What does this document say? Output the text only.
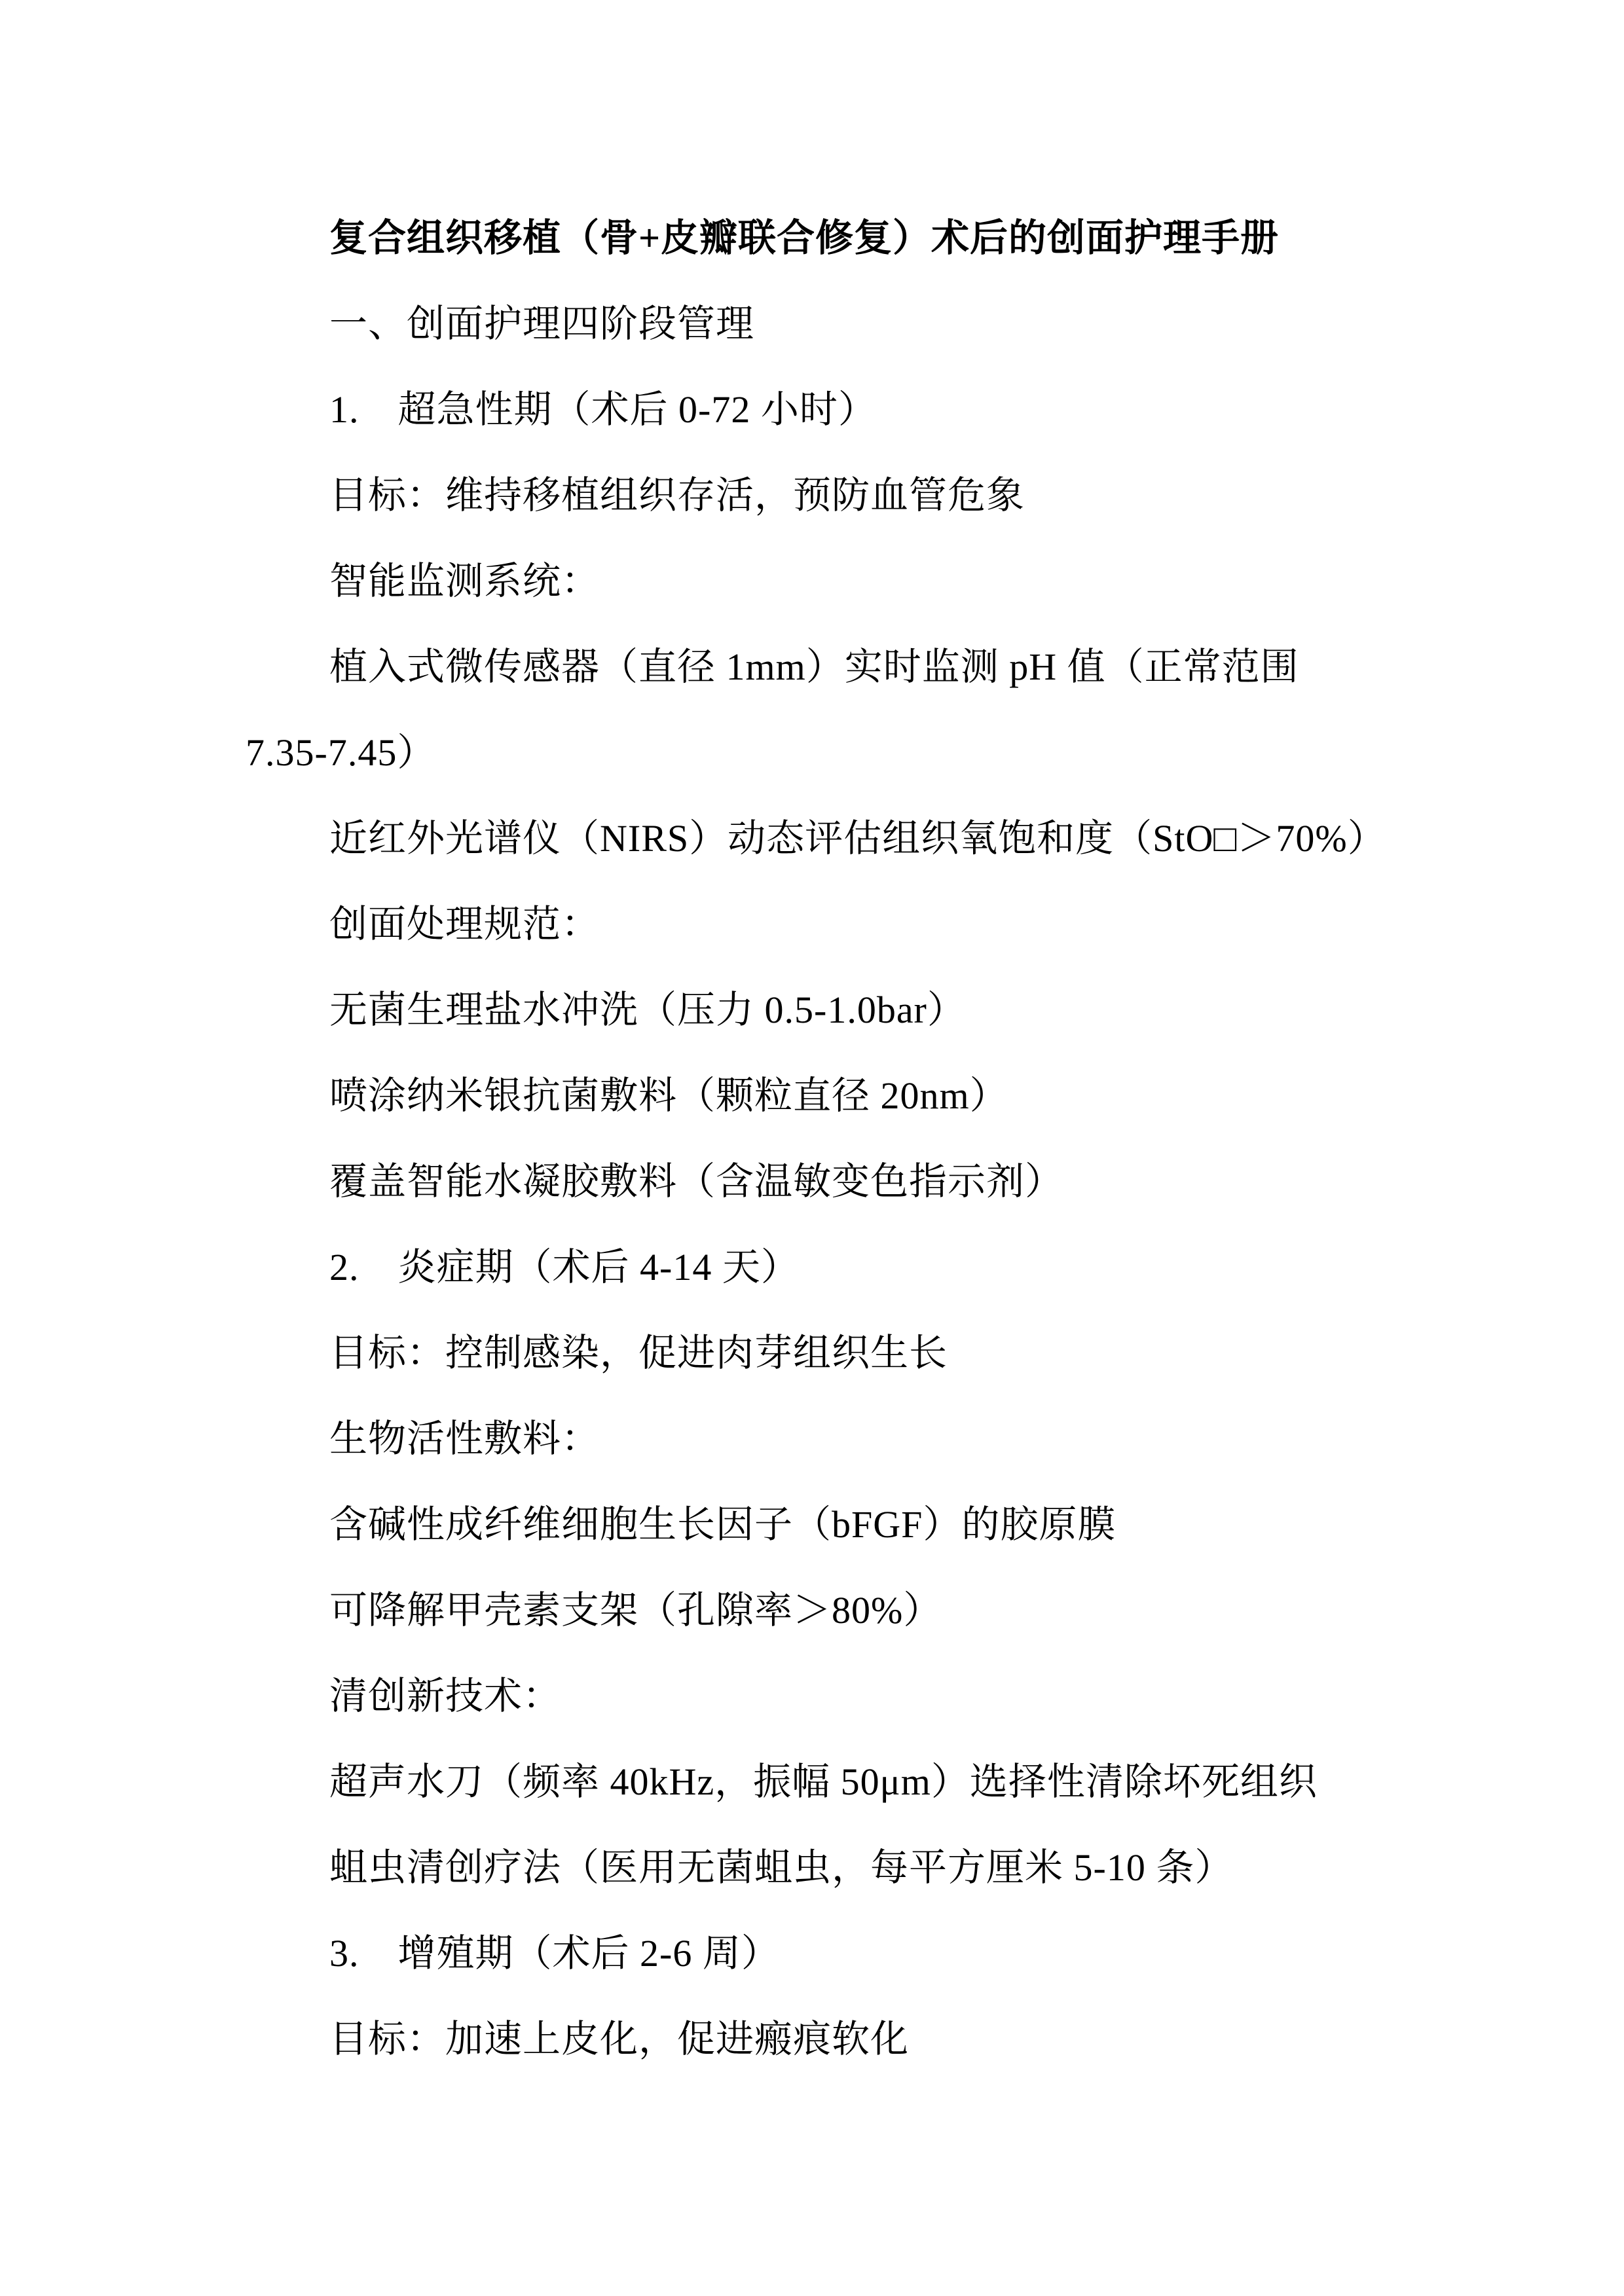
复合组织移植（骨+皮瓣联合修复）术后的创面护理手册

一、创面护理四阶段管理

1.　超急性期（术后 0-72 小时）

目标：维持移植组织存活，预防血管危象

智能监测系统：

植入式微传感器（直径 1mm）实时监测 pH 值（正常范围

7.35-7.45）

近红外光谱仪（NIRS）动态评估组织氧饱和度（StO□＞70%）

创面处理规范：

无菌生理盐水冲洗（压力 0.5-1.0bar）

喷涂纳米银抗菌敷料（颗粒直径 20nm）

覆盖智能水凝胶敷料（含温敏变色指示剂）

2.　炎症期（术后 4-14 天）

目标：控制感染，促进肉芽组织生长

生物活性敷料：

含碱性成纤维细胞生长因子（bFGF）的胶原膜

可降解甲壳素支架（孔隙率＞80%）

清创新技术：

超声水刀（频率 40kHz，振幅 50μm）选择性清除坏死组织

蛆虫清创疗法（医用无菌蛆虫，每平方厘米 5-10 条）

3.　增殖期（术后 2-6 周）

目标：加速上皮化，促进瘢痕软化
